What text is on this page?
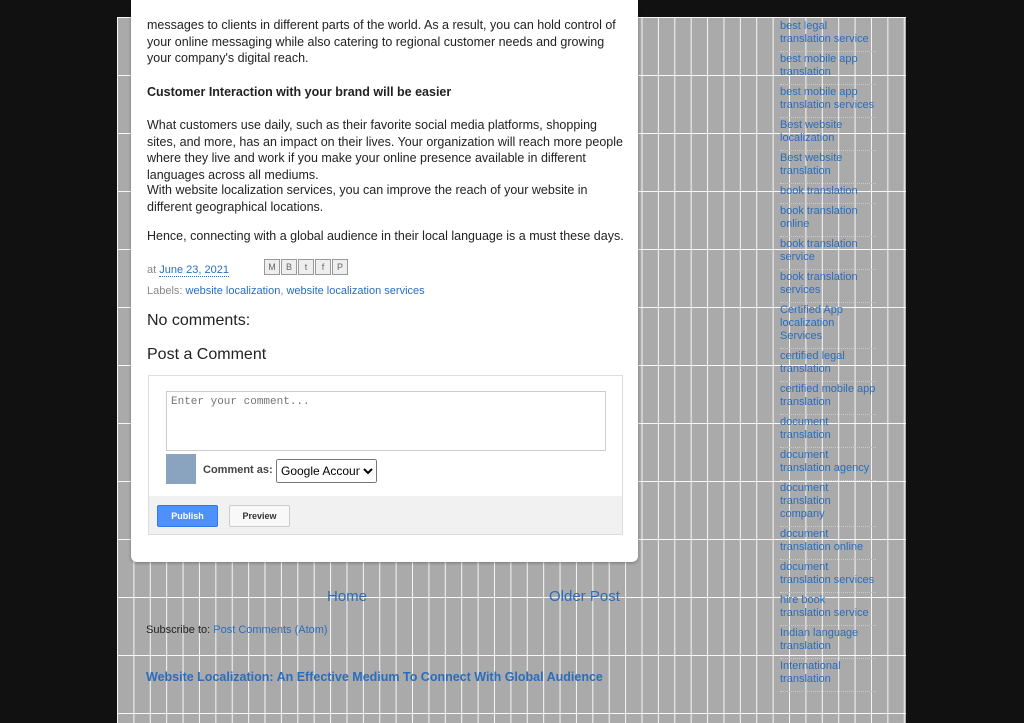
messages to clients in different parts of the world. As a result, you can hold control of your online messaging while also catering to regional customer needs and growing your company's digital reach.

Customer Interaction with your brand will be easier

What customers use daily, such as their favorite social media platforms, shopping sites, and more, has an impact on their lives. Your organization will reach more people where they live and work if you make your online presence available in different languages across all mediums.

With website localization services, you can improve the reach of your website in different geographical locations.

Hence, connecting with a global audience in their local language is a must these days.

at June 23, 2021	M	B	t	f	P
Labels: website localization, website localization services
No comments:
Post a Comment
Enter your comment...
Comment as:
Google Accoun
Publish	Preview
Home	Older Post
Subscribe to: Post Comments (Atom)
Website Localization: An Effective Medium To Connect With Global Audience
best legal translation service
best mobile app translation
best mobile app translation services
Best website localization
Best website translation
book translation
book translation online
book translation service
book translation services
Certified App localization Services
certified legal translation
certified mobile app translation
document translation
document translation agency
document translation company
document translation online
document translation services
hire book translation service
Indian language translation
International translation
